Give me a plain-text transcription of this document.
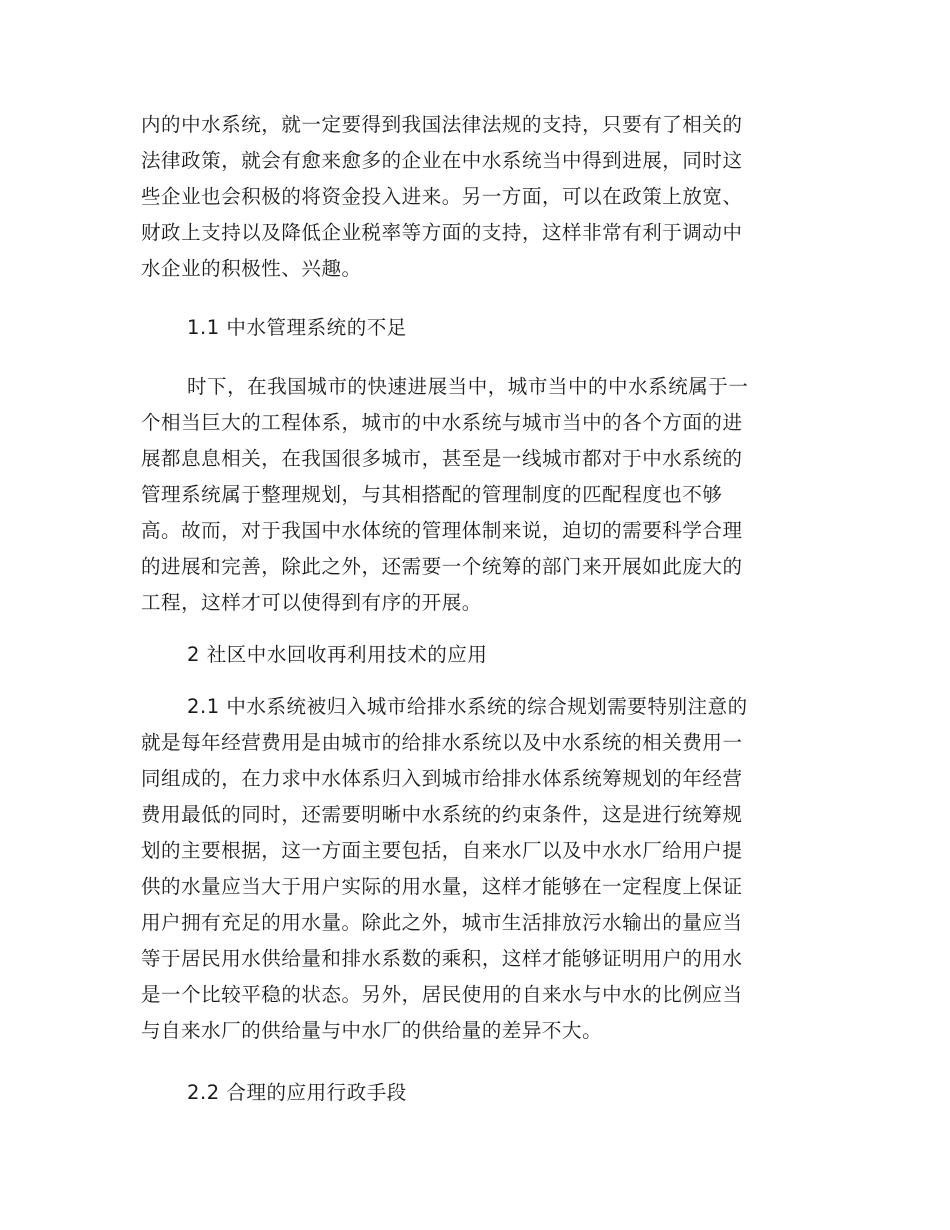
内的中水系统，就一定要得到我国法律法规的支持，只要有了相关的
法律政策，就会有愈来愈多的企业在中水系统当中得到进展，同时这
些企业也会积极的将资金投入进来。另一方面，可以在政策上放宽、
财政上支持以及降低企业税率等方面的支持，这样非常有利于调动中
水企业的积极性、兴趣。
1.1 中水管理系统的不足
时下，在我国城市的快速进展当中，城市当中的中水系统属于一
个相当巨大的工程体系，城市的中水系统与城市当中的各个方面的进
展都息息相关，在我国很多城市，甚至是一线城市都对于中水系统的
管理系统属于整理规划，与其相搭配的管理制度的匹配程度也不够
高。故而，对于我国中水体统的管理体制来说，迫切的需要科学合理
的进展和完善，除此之外，还需要一个统筹的部门来开展如此庞大的
工程，这样才可以使得到有序的开展。
2 社区中水回收再利用技术的应用
2.1 中水系统被归入城市给排水系统的综合规划需要特别注意的
就是每年经营费用是由城市的给排水系统以及中水系统的相关费用一
同组成的，在力求中水体系归入到城市给排水体系统筹规划的年经营
费用最低的同时，还需要明晰中水系统的约束条件，这是进行统筹规
划的主要根据，这一方面主要包括，自来水厂以及中水水厂给用户提
供的水量应当大于用户实际的用水量，这样才能够在一定程度上保证
用户拥有充足的用水量。除此之外，城市生活排放污水输出的量应当
等于居民用水供给量和排水系数的乘积，这样才能够证明用户的用水
是一个比较平稳的状态。另外，居民使用的自来水与中水的比例应当
与自来水厂的供给量与中水厂的供给量的差异不大。
2.2 合理的应用行政手段
